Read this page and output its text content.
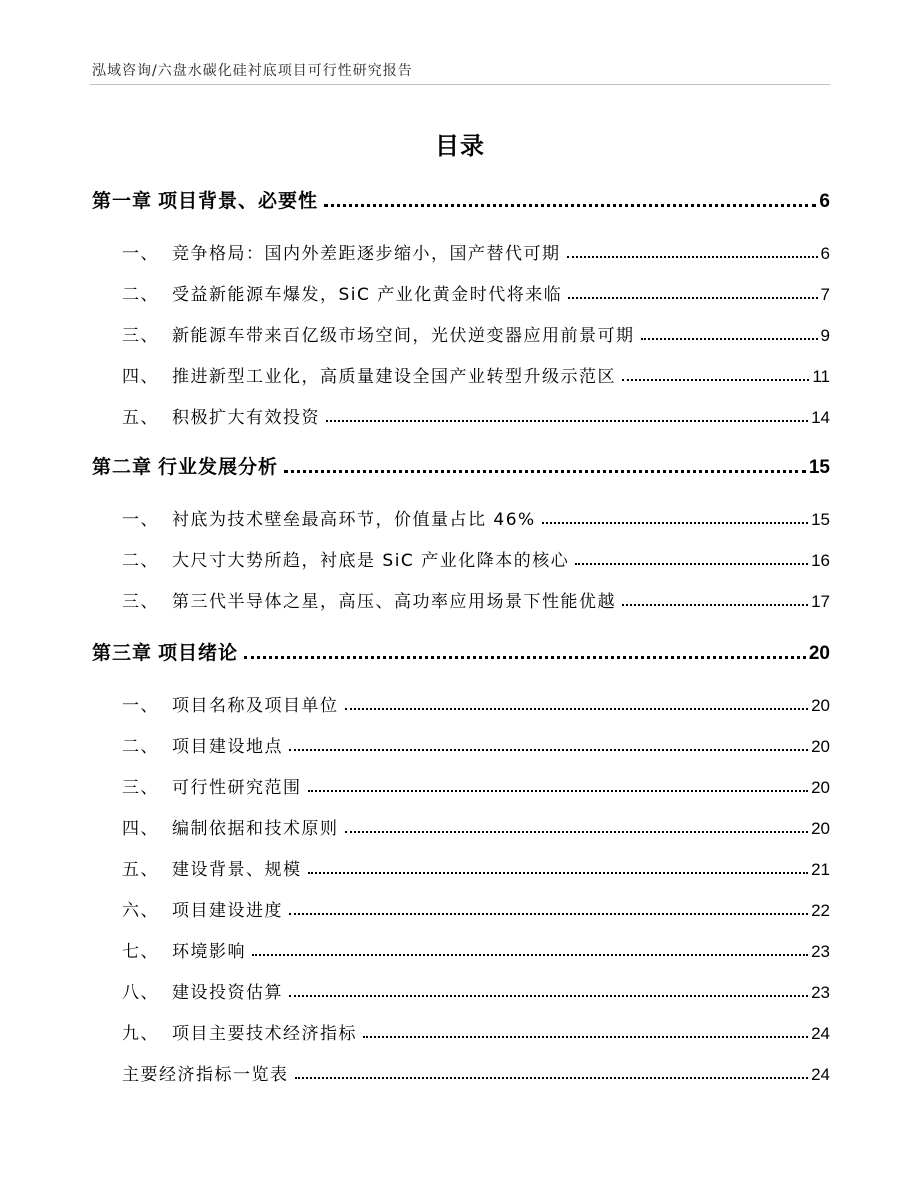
泓域咨询/六盘水碳化硅衬底项目可行性研究报告
目录
第一章 项目背景、必要性	6
一、 竞争格局：国内外差距逐步缩小，国产替代可期	6
二、 受益新能源车爆发，SiC 产业化黄金时代将来临	7
三、 新能源车带来百亿级市场空间，光伏逆变器应用前景可期	9
四、 推进新型工业化，高质量建设全国产业转型升级示范区	11
五、 积极扩大有效投资	14
第二章 行业发展分析	15
一、 衬底为技术壁垒最高环节，价值量占比 46%	15
二、 大尺寸大势所趋，衬底是 SiC 产业化降本的核心	16
三、 第三代半导体之星，高压、高功率应用场景下性能优越	17
第三章 项目绪论	20
一、 项目名称及项目单位	20
二、 项目建设地点	20
三、 可行性研究范围	20
四、 编制依据和技术原则	20
五、 建设背景、规模	21
六、 项目建设进度	22
七、 环境影响	23
八、 建设投资估算	23
九、 项目主要技术经济指标	24
主要经济指标一览表	24
